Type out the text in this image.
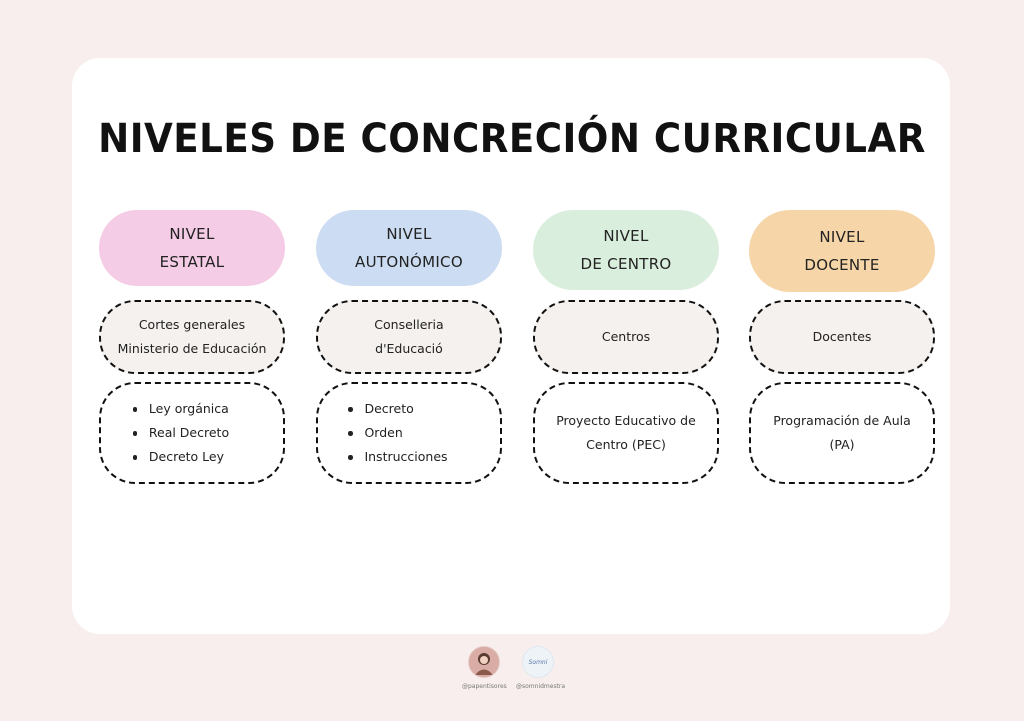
NIVELES DE CONCRECIÓN CURRICULAR
NIVEL
ESTATAL
Cortes generales
Ministerio de Educación
Ley orgánica
Real Decreto
Decreto Ley
NIVEL
AUTONÓMICO
Conselleria
d'Educació
Decreto
Orden
Instrucciones
NIVEL
DE CENTRO
Centros
Proyecto Educativo de
Centro (PEC)
NIVEL
DOCENTE
Docentes
Programación de Aula
(PA)
Somni
@papentisores @somnidmestra
